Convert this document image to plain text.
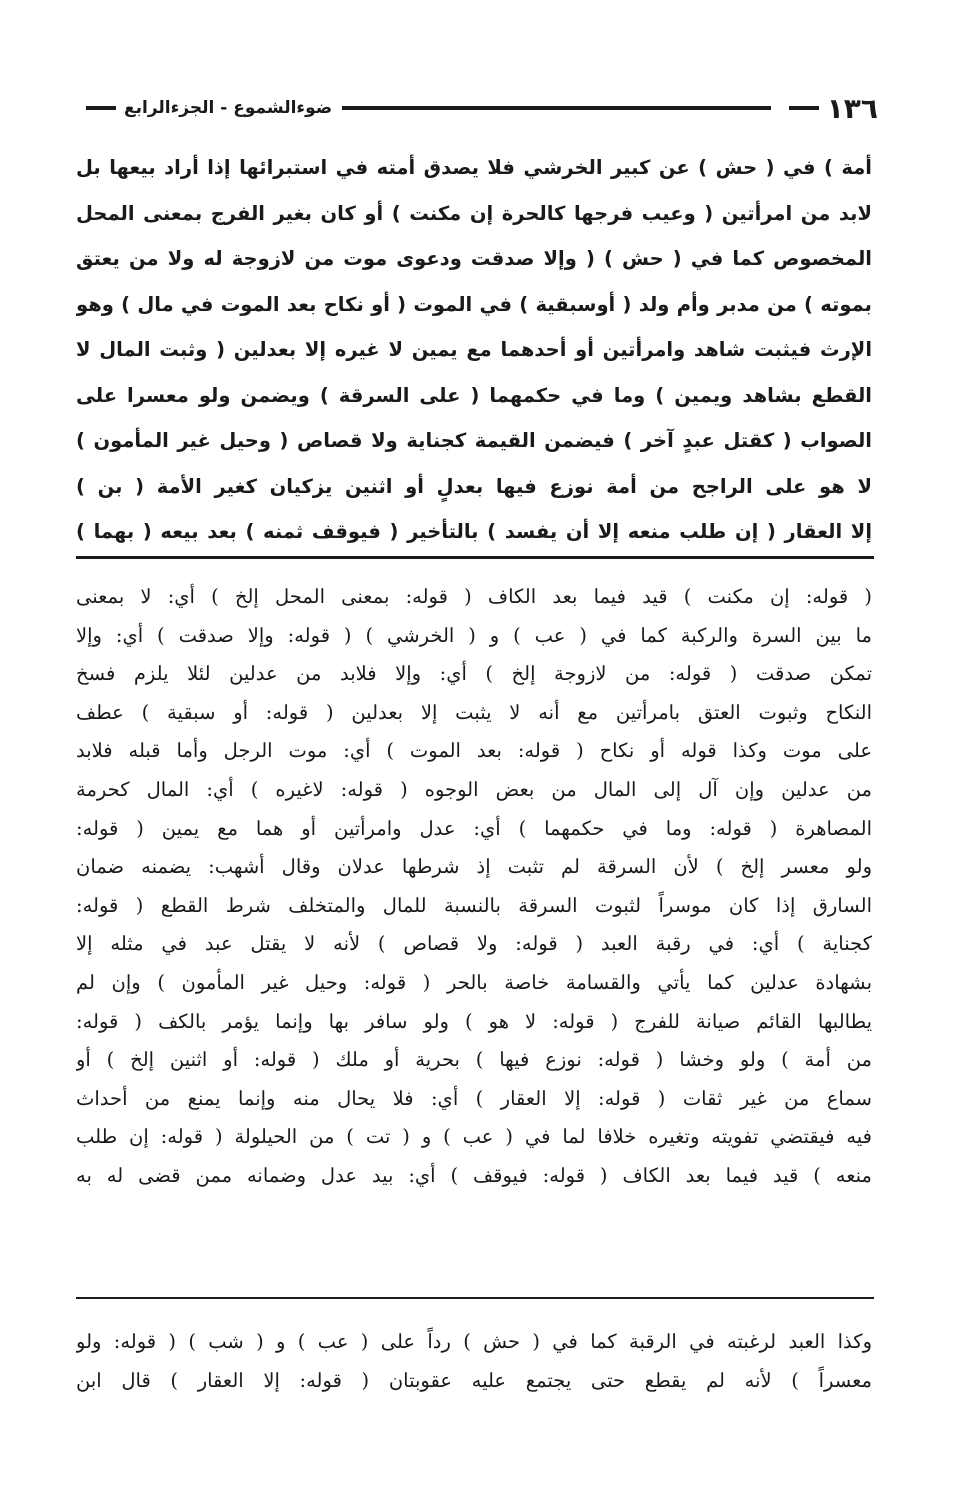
١٣٦
ضوءالشموع - الجزءالرابع
أمة ) في ( حش ) عن كبير الخرشي فلا يصدق أمته في استبرائها إذا أراد بيعها بل
لابد من امرأتين ( وعيب فرجها كالحرة إن مكنت ) أو كان بغير الفرج بمعنى المحل
المخصوص كما في ( حش ) ( وإلا صدقت ودعوى موت من لازوجة له ولا من يعتق
بموته ) من مدبر وأم ولد ( أوسبقية ) في الموت ( أو نكاح بعد الموت في مال ) وهو
الإرث فيثبت شاهد وامرأتين أو أحدهما مع يمين لا غيره إلا بعدلين ( وثبت المال لا
القطع بشاهد ويمين ) وما في حكمهما ( على السرقة ) ويضمن ولو معسرا على
الصواب ( كقتل عبدٍ آخر ) فيضمن القيمة كجناية ولا قصاص ( وحيل غير المأمون )
لا هو على الراجح من أمة نوزع فيها بعدلٍ أو اثنين يزكيان كغير الأمة ( بن )
إلا العقار ( إن طلب منعه إلا أن يفسد ) بالتأخير ( فيوقف ثمنه ) بعد بيعه ( بهما )
( قوله: إن مكنت ) قيد فيما بعد الكاف ( قوله: بمعنى المحل إلخ ) أي: لا بمعنى
ما بين السرة والركبة كما في ( عب ) و ( الخرشي ) ( قوله: وإلا صدقت ) أي: وإلا
تمكن صدقت ( قوله: من لازوجة إلخ ) أي: وإلا فلابد من عدلين لئلا يلزم فسخ
النكاح وثبوت العتق بامرأتين مع أنه لا يثبت إلا بعدلين ( قوله: أو سبقية ) عطف
على موت وكذا قوله أو نكاح ( قوله: بعد الموت ) أي: موت الرجل وأما قبله فلابد
من عدلين وإن آل إلى المال من بعض الوجوه ( قوله: لاغيره ) أي: المال كحرمة
المصاهرة ( قوله: وما في حكمهما ) أي: عدل وامرأتين أو هما مع يمين ( قوله:
ولو معسر إلخ ) لأن السرقة لم تثبت إذ شرطها عدلان وقال أشهب: يضمنه ضمان
السارق إذا كان موسراً لثبوت السرقة بالنسبة للمال والمتخلف شرط القطع ( قوله:
كجناية ) أي: في رقبة العبد ( قوله: ولا قصاص ) لأنه لا يقتل عبد في مثله إلا
بشهادة عدلين كما يأتي والقسامة خاصة بالحر ( قوله: وحيل غير المأمون ) وإن لم
يطالبها القائم صيانة للفرج ( قوله: لا هو ) ولو سافر بها وإنما يؤمر بالكف ( قوله:
من أمة ) ولو وخشا ( قوله: نوزع فيها ) بحرية أو ملك ( قوله: أو اثنين إلخ ) أو
سماع من غير ثقات ( قوله: إلا العقار ) أي: فلا يحال منه وإنما يمنع من أحداث
فيه فيقتضي تفويته وتغيره خلافا لما في ( عب ) و ( تت ) من الحيلولة ( قوله: إن طلب
منعه ) قيد فيما بعد الكاف ( قوله: فيوقف ) أي: بيد عدل وضمانه ممن قضى له به
وكذا العبد لرغبته في الرقبة كما في ( حش ) رداً على ( عب ) و ( شب ) ( قوله: ولو
معسراً ) لأنه لم يقطع حتى يجتمع عليه عقوبتان ( قوله: إلا العقار ) قال ابن
